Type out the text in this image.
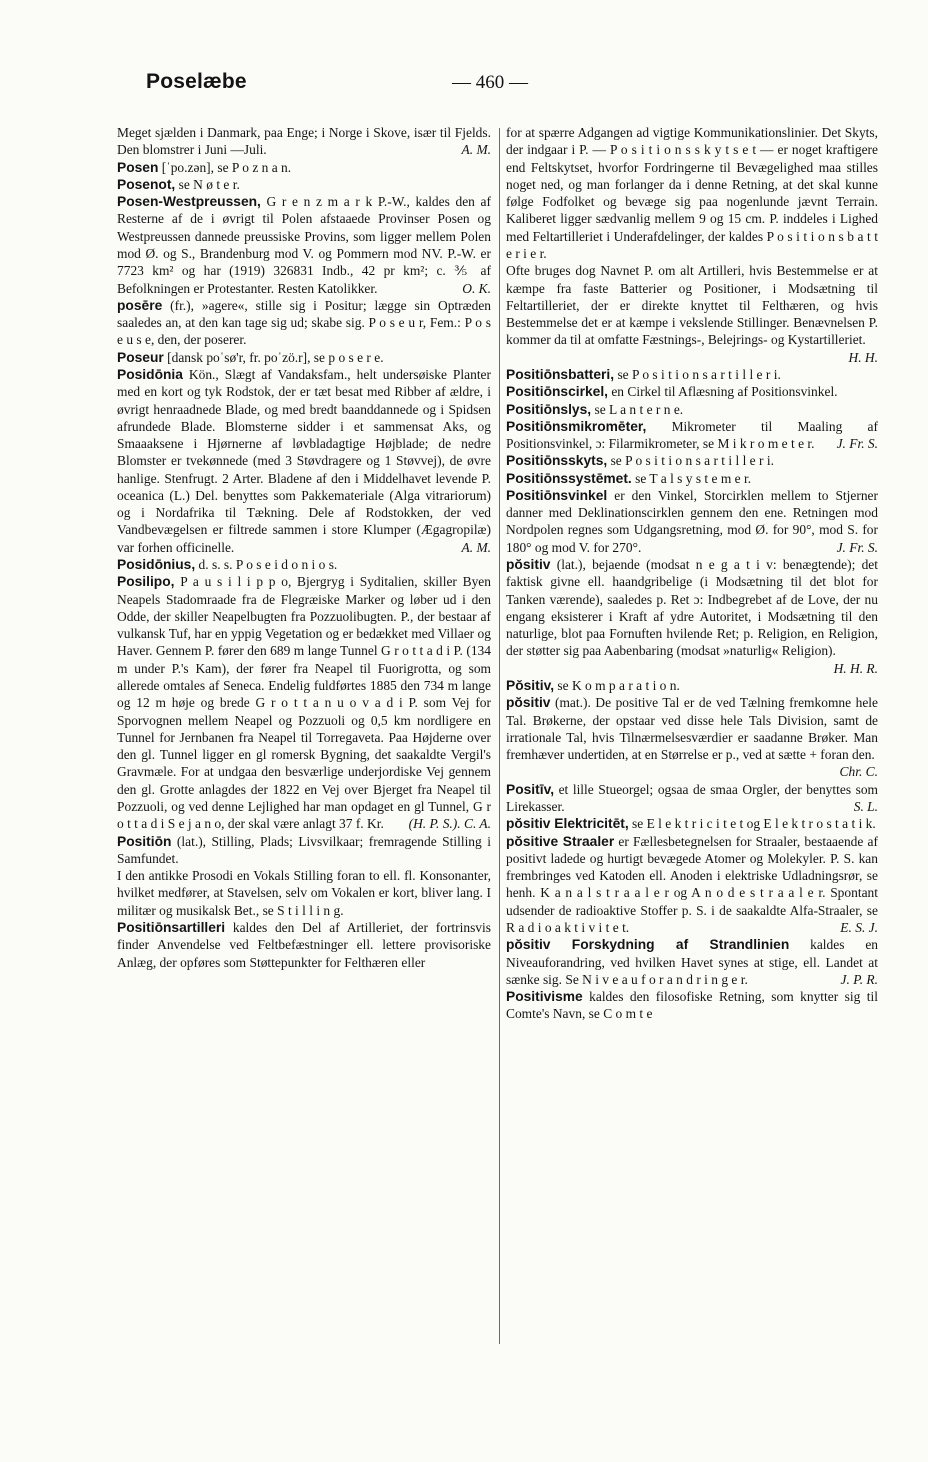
Poselæbe	— 460 —

Meget sjælden i Danmark, paa Enge; i Norge i Skove, især til Fjelds. Den blomstrer i Juni —Juli.	A. M.

Posen [ˈpo.zən], se P o z n a n.

Posenot, se N ø t e r.

Posen-Westpreussen, G r e n z m a r k P.-W., kaldes den af Resterne af de i øvrigt til Polen afstaaede Provinser Posen og Westpreussen dannede preussiske Provins, som ligger mellem Polen mod Ø. og S., Brandenburg mod V. og Pommern mod NV. P.-W. er 7723 km² og har (1919) 326831 Indb., 42 pr km²; c. ⅗ af Befolkningen er Protestanter. Resten Katolikker.	O. K.

posēre (fr.), »agere«, stille sig i Positur; lægge sin Optræden saaledes an, at den kan tage sig ud; skabe sig. P o s e u r, Fem.: P o s e u s e, den, der poserer.

Poseur [dansk poˈsø'r, fr. poˈzö.r], se p o s e r e.

Posidōnia Kön., Slægt af Vandaksfam., helt undersøiske Planter med en kort og tyk Rodstok, der er tæt besat med Ribber af ældre, i øvrigt henraadnede Blade, og med bredt baanddannede og i Spidsen afrundede Blade. Blomsterne sidder i et sammensat Aks, og Smaaaksene i Hjørnerne af løvbladagtige Højblade; de nedre Blomster er tvekønnede (med 3 Støvdragere og 1 Støvvej), de øvre hanlige. Stenfrugt. 2 Arter. Bladene af den i Middelhavet levende P. oceanica (L.) Del. benyttes som Pakkemateriale (Alga vitrariorum) og i Nordafrika til Tækning. Dele af Rodstokken, der ved Vandbevægelsen er filtrede sammen i store Klumper (Ægagropilæ) var forhen officinelle.	A. M.

Posidōnius, d. s. s. P o s e i d o n i o s.

Posilipo, P a u s i l i p p o, Bjergryg i Syditalien, skiller Byen Neapels Stadomraade fra de Flegræiske Marker og løber ud i den Odde, der skiller Neapelbugten fra Pozzuolibugten. P., der bestaar af vulkansk Tuf, har en yppig Vegetation og er bedækket med Villaer og Haver. Gennem P. fører den 689 m lange Tunnel G r o t t a d i P. (134 m under P.'s Kam), der fører fra Neapel til Fuorigrotta, og som allerede omtales af Seneca. Endelig fuldførtes 1885 den 734 m lange og 12 m høje og brede G r o t t a n u o v a d i P. som Vej for Sporvognen mellem Neapel og Pozzuoli og 0,5 km nordligere en Tunnel for Jernbanen fra Neapel til Torregaveta. Paa Højderne over den gl. Tunnel ligger en gl romersk Bygning, det saakaldte Vergil's Gravmæle. For at undgaa den besværlige underjordiske Vej gennem den gl. Grotte anlagdes der 1822 en Vej over Bjerget fra Neapel til Pozzuoli, og ved denne Lejlighed har man opdaget en gl Tunnel, G r o t t a d i S e j a n o, der skal være anlagt 37 f. Kr. (H. P. S.). C. A.

Positiōn (lat.), Stilling, Plads; Livsvilkaar; fremragende Stilling i Samfundet.

I den antikke Prosodi en Vokals Stilling foran to ell. fl. Konsonanter, hvilket medfører, at Stavelsen, selv om Vokalen er kort, bliver lang. I militær og musikalsk Bet., se S t i l l i n g.

Positiōnsartilleri kaldes den Del af Artilleriet, der fortrinsvis finder Anvendelse ved Feltbefæstninger ell. lettere provisoriske Anlæg, der opføres som Støttepunkter for Felthæren eller

for at spærre Adgangen ad vigtige Kommunikationslinier. Det Skyts, der indgaar i P. — P o s i t i o n s s k y t s e t — er noget kraftigere end Feltskytset, hvorfor Fordringerne til Bevægelighed maa stilles noget ned, og man forlanger da i denne Retning, at det skal kunne følge Fodfolket og bevæge sig paa nogenlunde jævnt Terrain. Kaliberet ligger sædvanlig mellem 9 og 15 cm. P. inddeles i Lighed med Feltartilleriet i Underafdelinger, der kaldes P o s i t i o n s b a t t e r i e r.

Ofte bruges dog Navnet P. om alt Artilleri, hvis Bestemmelse er at kæmpe fra faste Batterier og Positioner, i Modsætning til Feltartilleriet, der er direkte knyttet til Felthæren, og hvis Bestemmelse det er at kæmpe i vekslende Stillinger. Benævnelsen P. kommer da til at omfatte Fæstnings-, Belejrings- og Kystartilleriet.
H. H.

Positiōnsbatteri, se P o s i t i o n s a r t i l l e r i.

Positiōnscirkel, en Cirkel til Aflæsning af Positionsvinkel.

Positiōnslys, se L a n t e r n e.

Positiōnsmikromēter, Mikrometer til Maaling af Positionsvinkel, ɔ: Filarmikrometer, se M i k r o m e t e r. J. Fr. S.

Positiōnsskyts, se P o s i t i o n s a r t i l l e r i.

Positiōnssystēmet. se T a l s y s t e m e r.

Positiōnsvinkel er den Vinkel, Storcirklen mellem to Stjerner danner med Deklinationscirklen gennem den ene. Retningen mod Nordpolen regnes som Udgangsretning, mod Ø. for 90°, mod S. for 180° og mod V. for 270°.	J. Fr. S.

pŏsitiv (lat.), bejaende (modsat n e g a t i v: benægtende); det faktisk givne ell. haandgribelige (i Modsætning til det blot for Tanken værende), saaledes p. Ret ɔ: Indbegrebet af de Love, der nu engang eksisterer i Kraft af ydre Autoritet, i Modsætning til den naturlige, blot paa Fornuften hvilende Ret; p. Religion, en Religion, der støtter sig paa Aabenbaring (modsat »naturlig« Religion).
H. H. R.

Pŏsitiv, se K o m p a r a t i o n.

pŏsitiv (mat.). De positive Tal er de ved Tælning fremkomne hele Tal. Brøkerne, der opstaar ved disse hele Tals Division, samt de irrationale Tal, hvis Tilnærmelsesværdier er saadanne Brøker. Man fremhæver undertiden, at en Størrelse er p., ved at sætte + foran den.
Chr. C.

Positīv, et lille Stueorgel; ogsaa de smaa Orgler, der benyttes som Lirekasser.	S. L.

pŏsitiv Elektricitēt, se E l e k t r i c i t e t og E l e k t r o s t a t i k.

pŏsitive Straaler er Fællesbetegnelsen for Straaler, bestaaende af positivt ladede og hurtigt bevægede Atomer og Molekyler. P. S. kan frembringes ved Katoden ell. Anoden i elektriske Udladningsrør, se henh. K a n a l s t r a a l e r og A n o d e s t r a a l e r. Spontant udsender de radioaktive Stoffer p. S. i de saakaldte Alfa-Straaler, se R a d i o a k t i v i t e t.	E. S. J.

pŏsitiv Forskydning af Strandlinien kaldes en Niveauforandring, ved hvilken Havet synes at stige, ell. Landet at sænke sig. Se N i v e a u f o r a n d r i n g e r.	J. P. R.

Positivisme kaldes den filosofiske Retning, som knytter sig til Comte's Navn, se C o m t e
